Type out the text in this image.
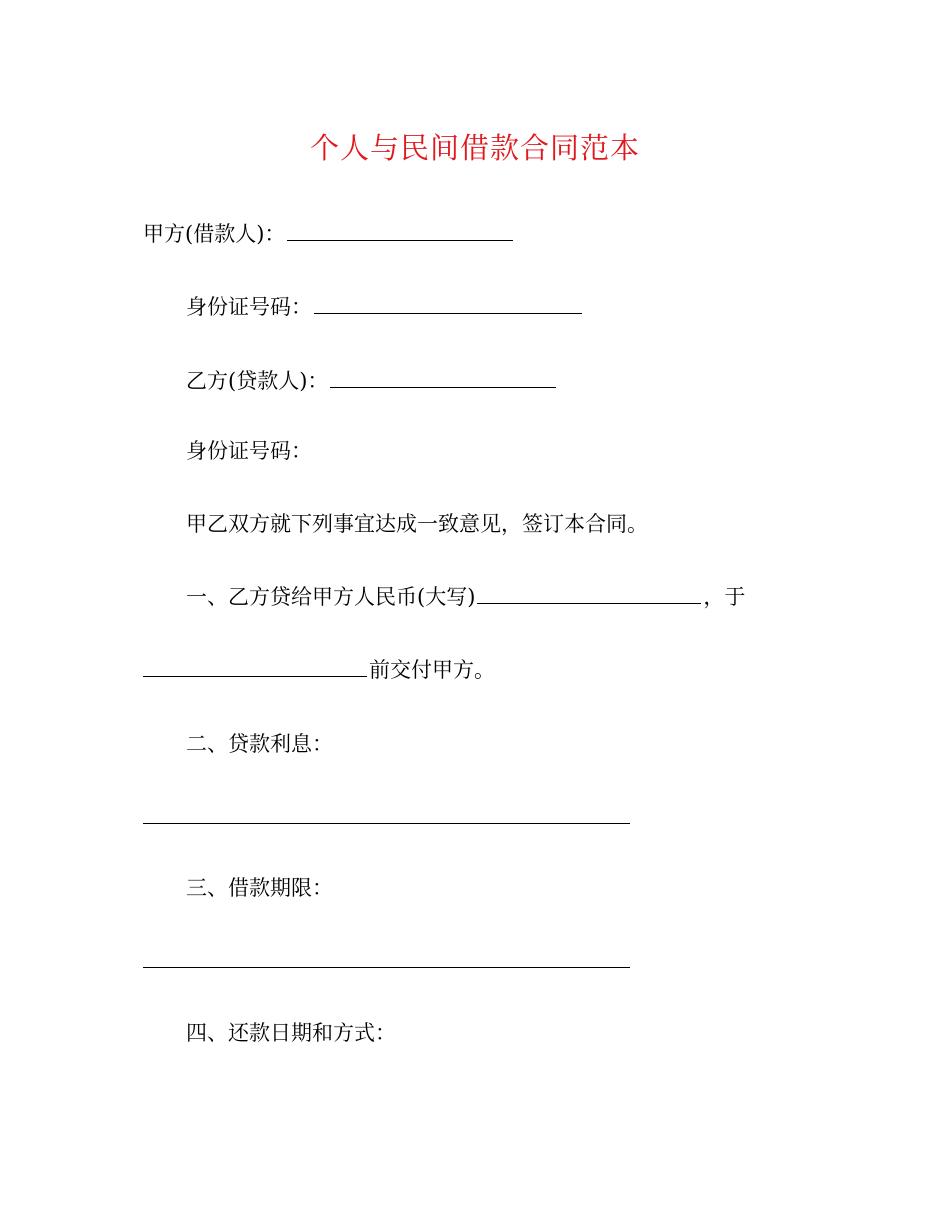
个人与民间借款合同范本
甲方(借款人)：
身份证号码：
乙方(贷款人)：
身份证号码：
甲乙双方就下列事宜达成一致意见，签订本合同。
一、乙方贷给甲方人民币(大写)	，于
前交付甲方。
二、贷款利息：
三、借款期限：
四、还款日期和方式：
